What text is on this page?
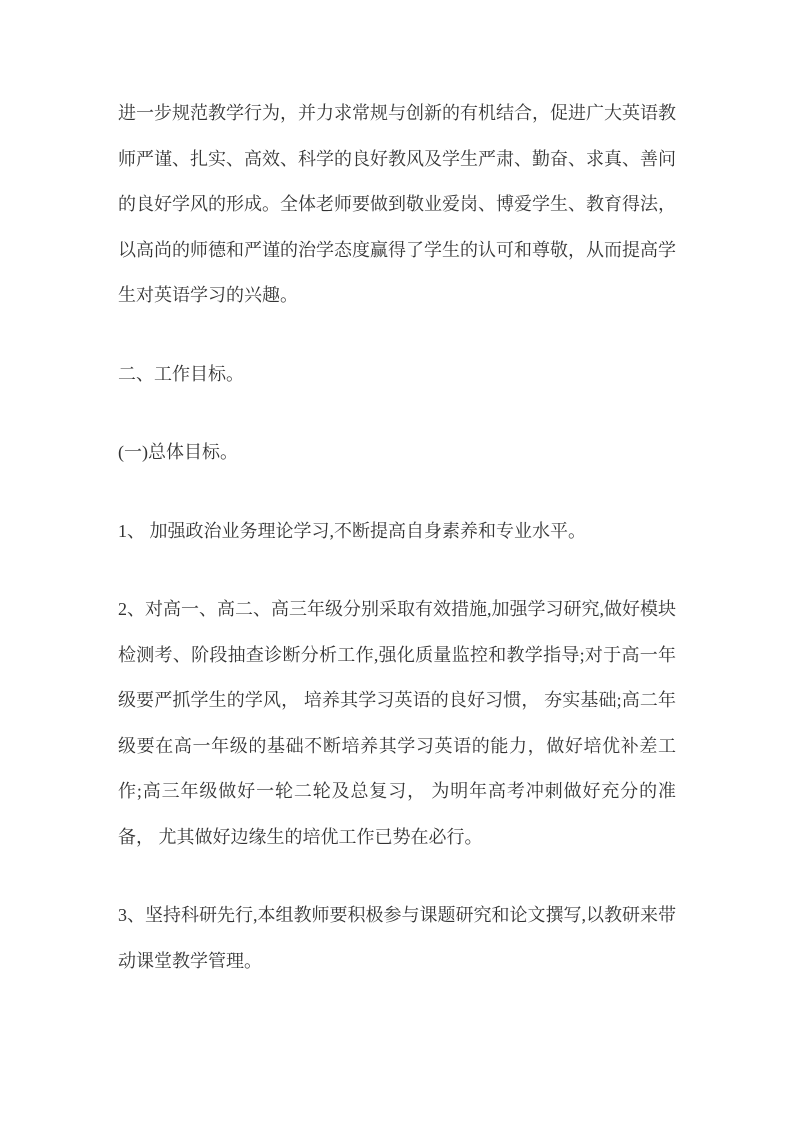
进一步规范教学行为，并力求常规与创新的有机结合，促进广大英语教师严谨、扎实、高效、科学的良好教风及学生严肃、勤奋、求真、善问的良好学风的形成。全体老师要做到敬业爱岗、博爱学生、教育得法，以高尚的师德和严谨的治学态度赢得了学生的认可和尊敬，从而提高学生对英语学习的兴趣。

二、工作目标。

(一)总体目标。

1、 加强政治业务理论学习,不断提高自身素养和专业水平。

2、对高一、高二、高三年级分别采取有效措施,加强学习研究,做好模块检测考、阶段抽查诊断分析工作,强化质量监控和教学指导;对于高一年级要严抓学生的学风， 培养其学习英语的良好习惯， 夯实基础;高二年级要在高一年级的基础不断培养其学习英语的能力，做好培优补差工作;高三年级做好一轮二轮及总复习， 为明年高考冲刺做好充分的准备， 尤其做好边缘生的培优工作已势在必行。

3、坚持科研先行,本组教师要积极参与课题研究和论文撰写,以教研来带动课堂教学管理。
